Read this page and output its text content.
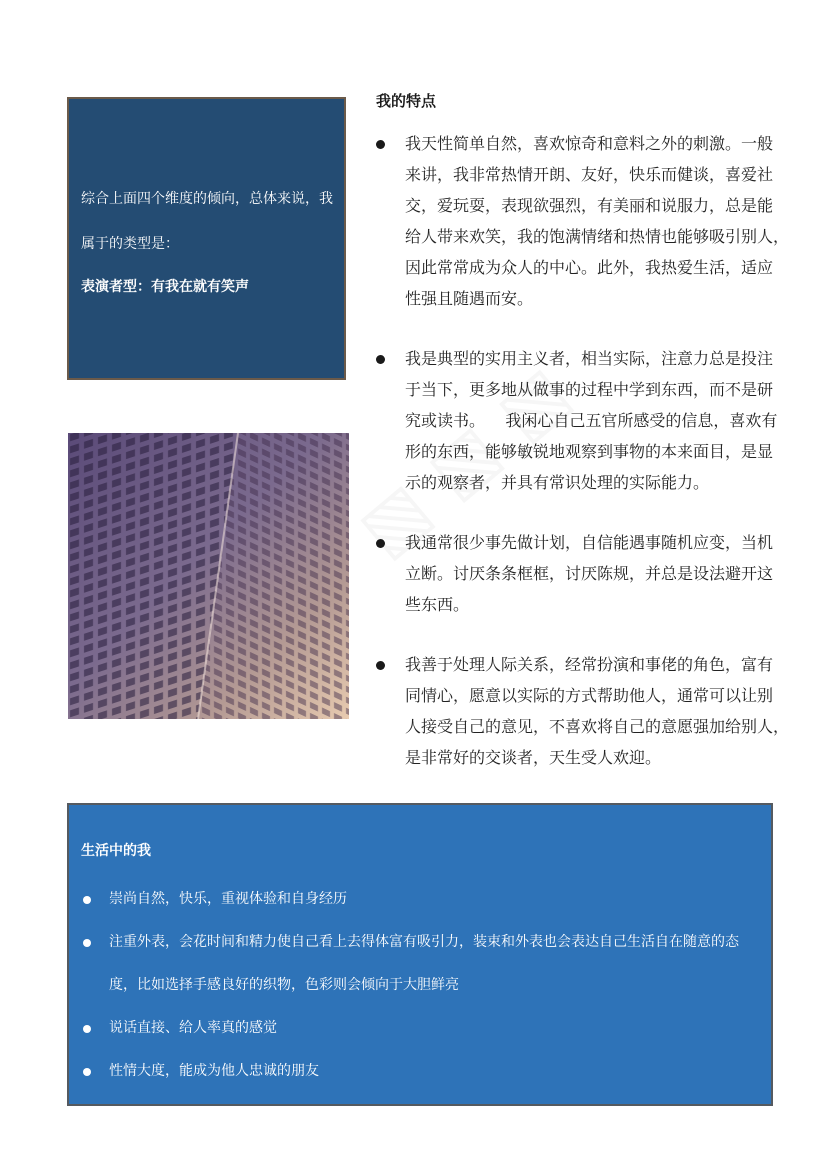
综合上面四个维度的倾向，总体来说，我
属于的类型是：
表演者型：有我在就有笑声
我的特点

我天性简单自然，喜欢惊奇和意料之外的刺激。一般

来讲，我非常热情开朗、友好，快乐而健谈，喜爱社

交，爱玩耍，表现欲强烈，有美丽和说服力，总是能

给人带来欢笑，我的饱满情绪和热情也能够吸引别人，

因此常常成为众人的中心。此外，我热爱生活，适应

性强且随遇而安。

我是典型的实用主义者，相当实际，注意力总是投注

于当下，更多地从做事的过程中学到东西，而不是研

究或读书。    我闲心自己五官所感受的信息，喜欢有

形的东西，能够敏锐地观察到事物的本来面目，是显

示的观察者，并具有常识处理的实际能力。

我通常很少事先做计划，自信能遇事随机应变，当机

立断。讨厌条条框框，讨厌陈规，并总是设法避开这

些东西。

我善于处理人际关系，经常扮演和事佬的角色，富有

同情心，愿意以实际的方式帮助他人，通常可以让别

人接受自己的意见，不喜欢将自己的意愿强加给别人，

是非常好的交谈者，天生受人欢迎。

生活中的我
崇尚自然，快乐，重视体验和自身经历
注重外表，会花时间和精力使自己看上去得体富有吸引力，装束和外表也会表达自己生活自在随意的态
度，比如选择手感良好的织物，色彩则会倾向于大胆鲜亮
说话直接、给人率真的感觉
性情大度，能成为他人忠诚的朋友
